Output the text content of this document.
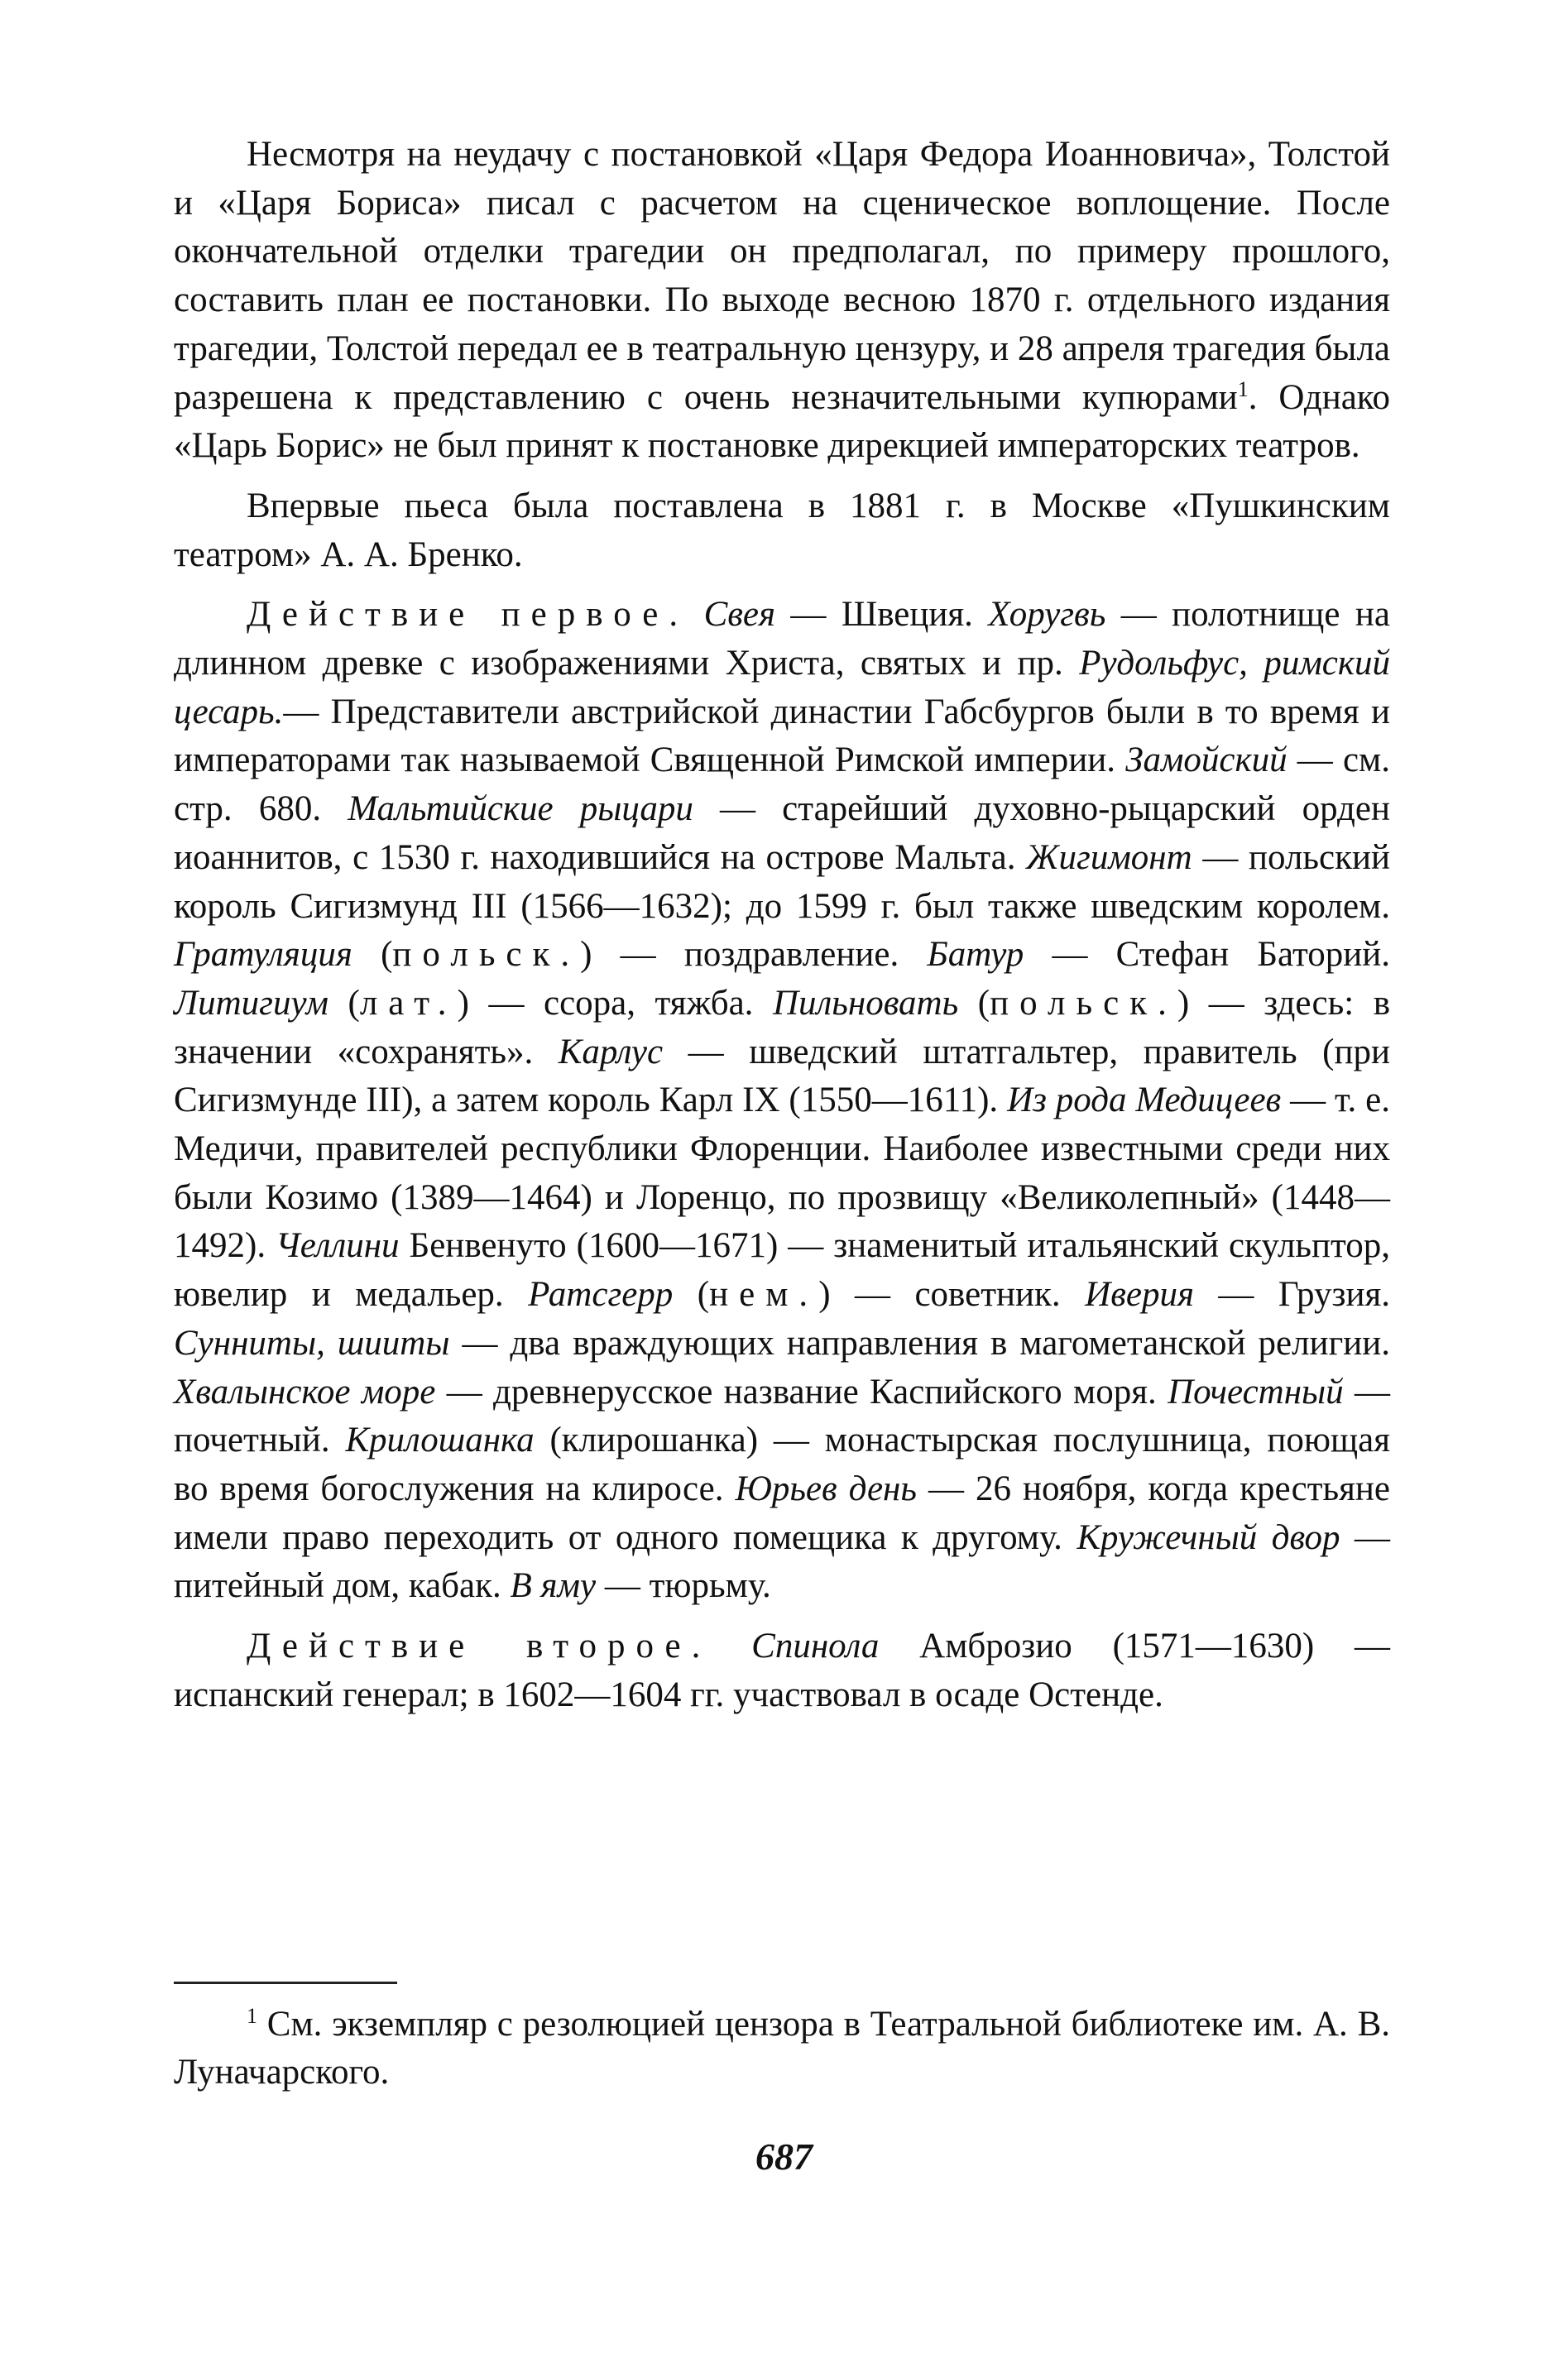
Несмотря на неудачу с постановкой «Царя Федора Иоанновича», Толстой и «Царя Бориса» писал с расчетом на сценическое воплощение. После окончательной отделки трагедии он предполагал, по примеру прошлого, составить план ее постановки. По выходе весною 1870 г. отдельного издания трагедии, Толстой передал ее в театральную цензуру, и 28 апреля трагедия была разрешена к представлению с очень незначительными купюрами$^1$. Однако «Царь Борис» не был принят к постановке дирекцией императорских театров.

Впервые пьеса была поставлена в 1881 г. в Москве «Пушкинским театром» А. А. Бренко.

Действие первое. Свея — Швеция. Хоругвь — полотнище на длинном древке с изображениями Христа, святых и пр. Рудольфус, римский цесарь.— Представители австрийской династии Габсбургов были в то время и императорами так называемой Священной Римской империи. Замойский — см. стр. 680. Мальтийские рыцари — старейший духовно-рыцарский орден иоаннитов, с 1530 г. находившийся на острове Мальта. Жигимонт — польский король Сигизмунд III (1566—1632); до 1599 г. был также шведским королем. Гратуляция (польск.) — поздравление. Батур — Стефан Баторий. Литигиум (лат.) — ссора, тяжба. Пильновать (польск.) — здесь: в значении «сохранять». Карлус — шведский штатгальтер, правитель (при Сигизмунде III), а затем король Карл IX (1550—1611). Из рода Медицеев — т. е. Медичи, правителей республики Флоренции. Наиболее известными среди них были Козимо (1389—1464) и Лоренцо, по прозвищу «Великолепный» (1448—1492). Челлини Бенвенуто (1600—1671) — знаменитый итальянский скульптор, ювелир и медальер. Ратсгерр (нем.) — советник. Иверия — Грузия. Сунниты, шииты — два враждующих направления в магометанской религии. Хвалынское море — древнерусское название Каспийского моря. Почестный — почетный. Крилошанка (клирошанка) — монастырская послушница, поющая во время богослужения на клиросе. Юрьев день — 26 ноября, когда крестьяне имели право переходить от одного помещика к другому. Кружечный двор — питейный дом, кабак. В яму — тюрьму.

Действие второе. Спинола Амброзио (1571—1630) — испанский генерал; в 1602—1604 гг. участвовал в осаде Остенде.

$^1$ См. экземпляр с резолюцией цензора в Театральной библиотеке им. А. В. Луначарского.

687
